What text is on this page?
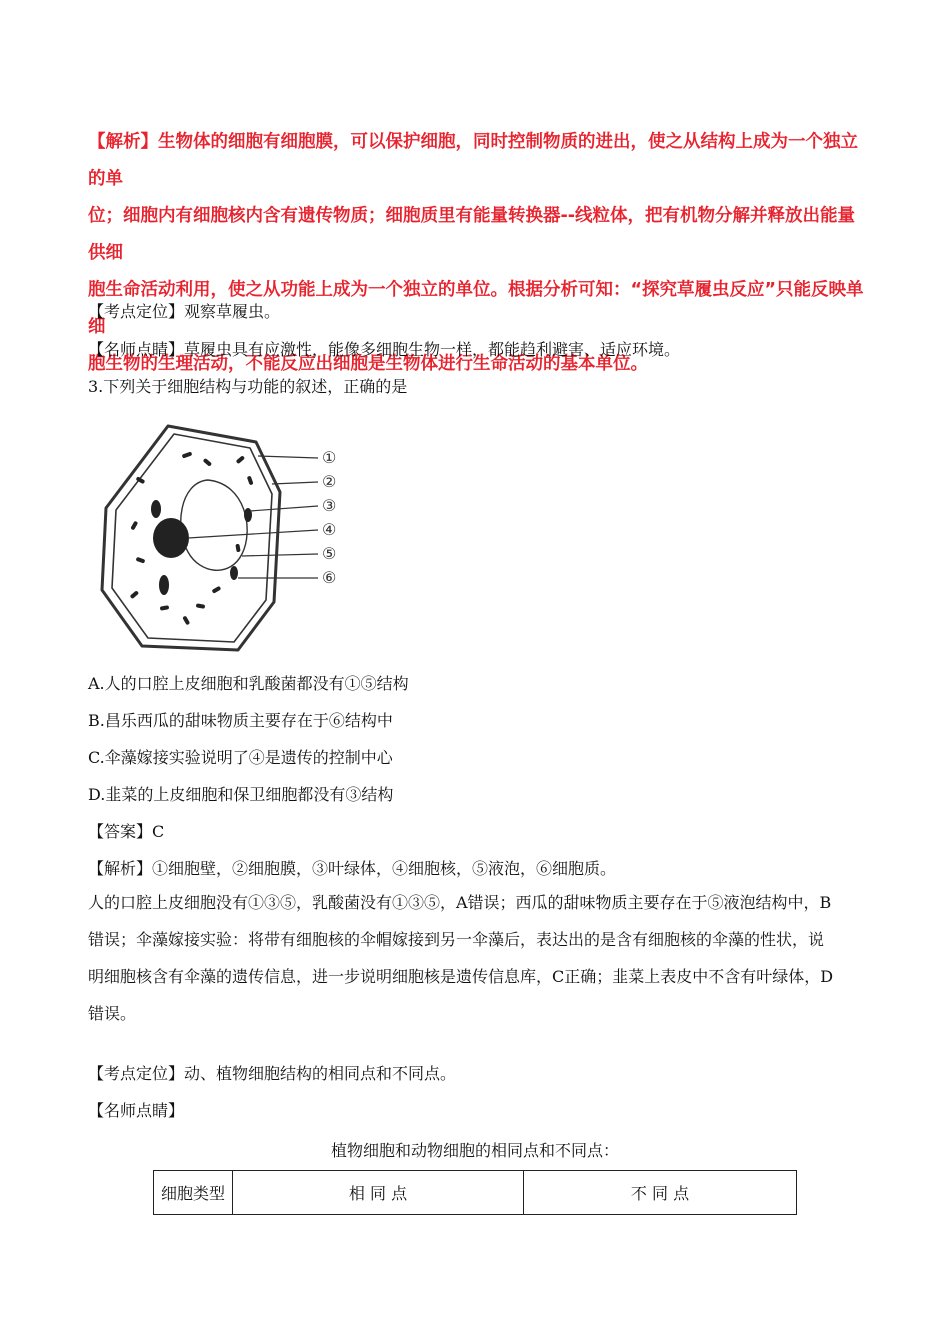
【解析】生物体的细胞有细胞膜，可以保护细胞，同时控制物质的进出，使之从结构上成为一个独立的单
位；细胞内有细胞核内含有遗传物质；细胞质里有能量转换器--线粒体，把有机物分解并释放出能量供细
胞生命活动利用，使之从功能上成为一个独立的单位。根据分析可知：“探究草履虫反应”只能反映单细
胞生物的生理活动，不能反应出细胞是生物体进行生命活动的基本单位。
【考点定位】观察草履虫。
【名师点睛】草履虫具有应激性，能像多细胞生物一样，都能趋利避害、适应环境。
3.下列关于细胞结构与功能的叙述，正确的是
①
②
③
④
⑤
⑥
A.人的口腔上皮细胞和乳酸菌都没有①⑤结构
B.昌乐西瓜的甜味物质主要存在于⑥结构中
C.伞藻嫁接实验说明了④是遗传的控制中心
D.韭菜的上皮细胞和保卫细胞都没有③结构
【答案】C
【解析】①细胞壁，②细胞膜，③叶绿体，④细胞核，⑤液泡，⑥细胞质。
人的口腔上皮细胞没有①③⑤，乳酸菌没有①③⑤，A错误；西瓜的甜味物质主要存在于⑤液泡结构中，B
错误；伞藻嫁接实验：将带有细胞核的伞帽嫁接到另一伞藻后，表达出的是含有细胞核的伞藻的性状，说
明细胞核含有伞藻的遗传信息，进一步说明细胞核是遗传信息库，C正确；韭菜上表皮中不含有叶绿体，D
错误。
【考点定位】动、植物细胞结构的相同点和不同点。
【名师点睛】
植物细胞和动物细胞的相同点和不同点：
细胞类型	相 同 点	不 同 点
